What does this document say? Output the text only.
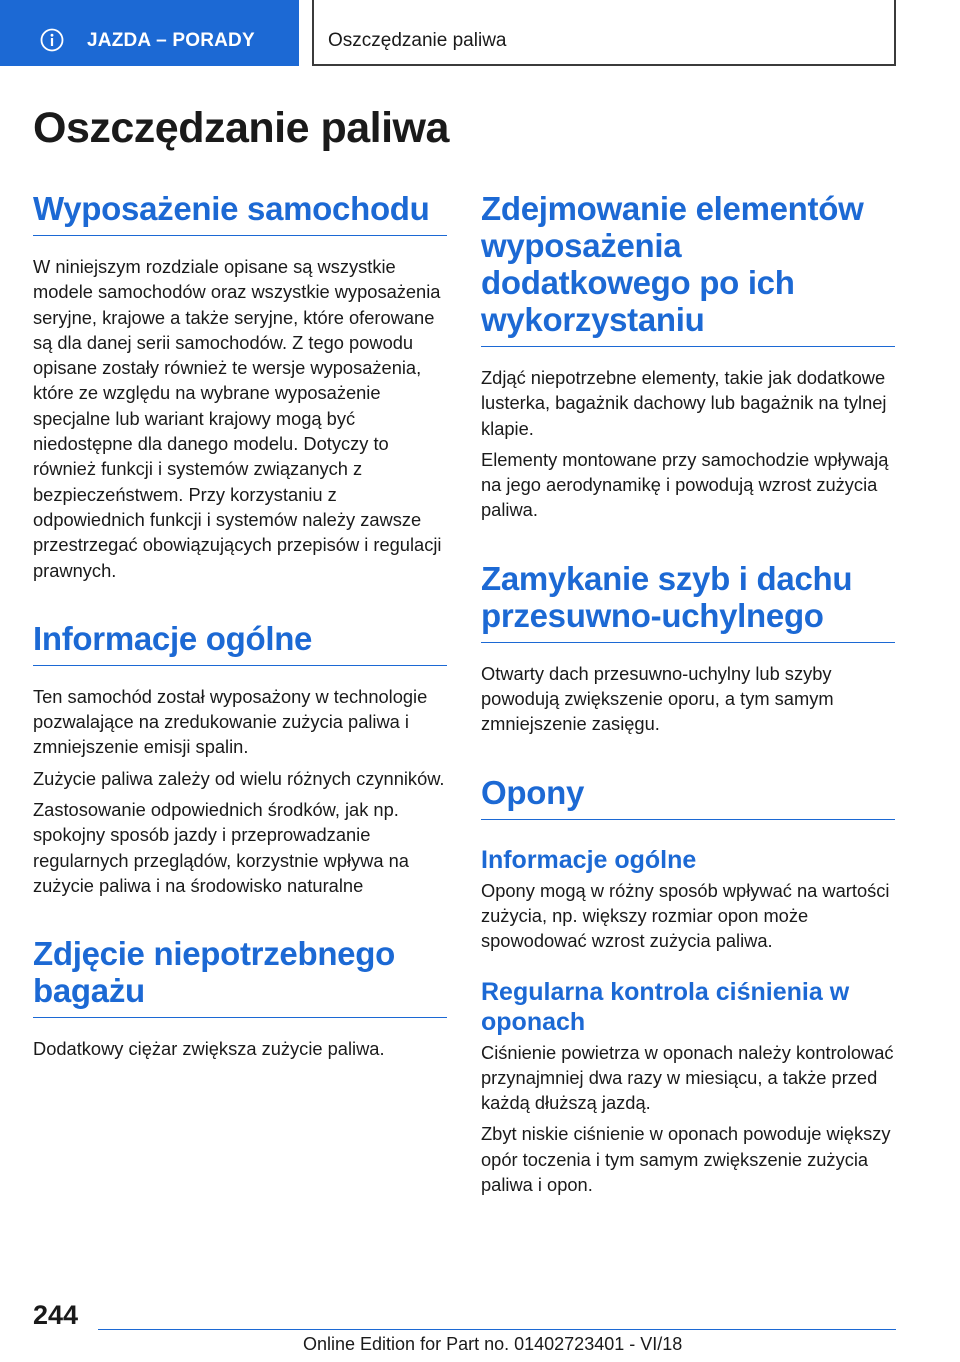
JAZDA – PORADY	Oszczędzanie paliwa
Oszczędzanie paliwa
Wyposażenie samochodu

W niniejszym rozdziale opisane są wszystkie modele samochodów oraz wszystkie wyposażenia seryjne, krajowe a także seryjne, które oferowane są dla danej serii samochodów. Z tego powodu opisane zostały również te wersje wyposażenia, które ze względu na wybrane wyposażenie specjalne lub wariant krajowy mogą być niedostępne dla danego modelu. Dotyczy to również funkcji i systemów związanych z bezpieczeństwem. Przy korzystaniu z odpowiednich funkcji i systemów należy zawsze przestrzegać obowiązujących przepisów i regulacji prawnych.

Informacje ogólne

Ten samochód został wyposażony w technologie pozwalające na zredukowanie zużycia paliwa i zmniejszenie emisji spalin.

Zużycie paliwa zależy od wielu różnych czynników.

Zastosowanie odpowiednich środków, jak np. spokojny sposób jazdy i przeprowadzanie regularnych przeglądów, korzystnie wpływa na zużycie paliwa i na środowisko naturalne

Zdjęcie niepotrzebnego bagażu

Dodatkowy ciężar zwiększa zużycie paliwa.

Zdejmowanie elementów wyposażenia dodatkowego po ich wykorzystaniu

Zdjąć niepotrzebne elementy, takie jak dodatkowe lusterka, bagażnik dachowy lub bagażnik na tylnej klapie.

Elementy montowane przy samochodzie wpływają na jego aerodynamikę i powodują wzrost zużycia paliwa.

Zamykanie szyb i dachu przesuwno-uchylnego

Otwarty dach przesuwno-uchylny lub szyby powodują zwiększenie oporu, a tym samym zmniejszenie zasięgu.

Opony
Informacje ogólne

Opony mogą w różny sposób wpływać na wartości zużycia, np. większy rozmiar opon może spowodować wzrost zużycia paliwa.

Regularna kontrola ciśnienia w oponach

Ciśnienie powietrza w oponach należy kontrolować przynajmniej dwa razy w miesiącu, a także przed każdą dłuższą jazdą.

Zbyt niskie ciśnienie w oponach powoduje większy opór toczenia i tym samym zwiększenie zużycia paliwa i opon.

244
Online Edition for Part no. 01402723401 - VI/18
